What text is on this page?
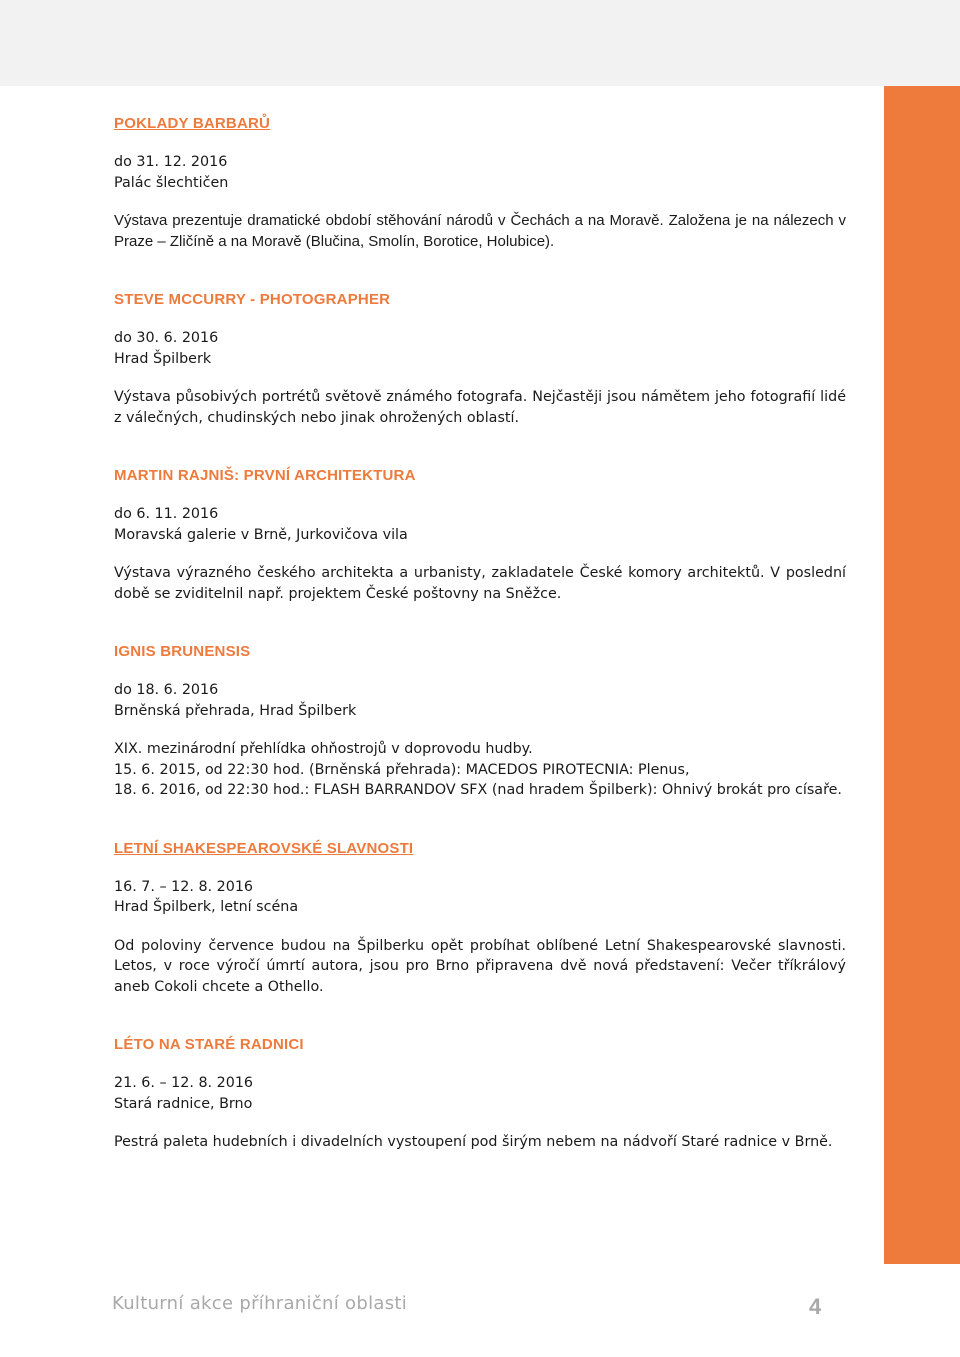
POKLADY BARBARŮ

do 31. 12. 2016

Palác šlechtičen

Výstava prezentuje dramatické období stěhování národů v Čechách a na Moravě. Založena je na nálezech v Praze – Zličíně a na Moravě (Blučina, Smolín, Borotice, Holubice).

STEVE MCCURRY - PHOTOGRAPHER

do 30. 6. 2016

Hrad Špilberk

Výstava působivých portrétů světově známého fotografa. Nejčastěji jsou námětem jeho fotografií lidé z válečných, chudinských nebo jinak ohrožených oblastí.

MARTIN RAJNIŠ: PRVNÍ ARCHITEKTURA

do 6. 11. 2016

Moravská galerie v Brně, Jurkovičova vila

Výstava výrazného českého architekta a urbanisty, zakladatele České komory architektů. V poslední době se zviditelnil např. projektem České poštovny na Sněžce.

IGNIS BRUNENSIS

do 18. 6. 2016

Brněnská přehrada, Hrad Špilberk

XIX. mezinárodní přehlídka ohňostrojů v doprovodu hudby.

15. 6. 2015, od 22:30 hod. (Brněnská přehrada): MACEDOS PIROTECNIA: Plenus,

18. 6. 2016, od 22:30 hod.: FLASH BARRANDOV SFX (nad hradem Špilberk): Ohnivý brokát pro císaře.

LETNÍ SHAKESPEAROVSKÉ SLAVNOSTI

16. 7. – 12. 8. 2016

Hrad Špilberk, letní scéna

Od poloviny července budou na Špilberku opět probíhat oblíbené Letní Shakespearovské slavnosti. Letos, v roce výročí úmrtí autora, jsou pro Brno připravena dvě nová představení: Večer tříkrálový aneb Cokoli chcete a Othello.

LÉTO NA STARÉ RADNICI

21. 6. – 12. 8. 2016

Stará radnice, Brno

Pestrá paleta hudebních i divadelních vystoupení pod širým nebem na nádvoří Staré radnice v Brně.

Kulturní akce příhraniční oblasti	4
